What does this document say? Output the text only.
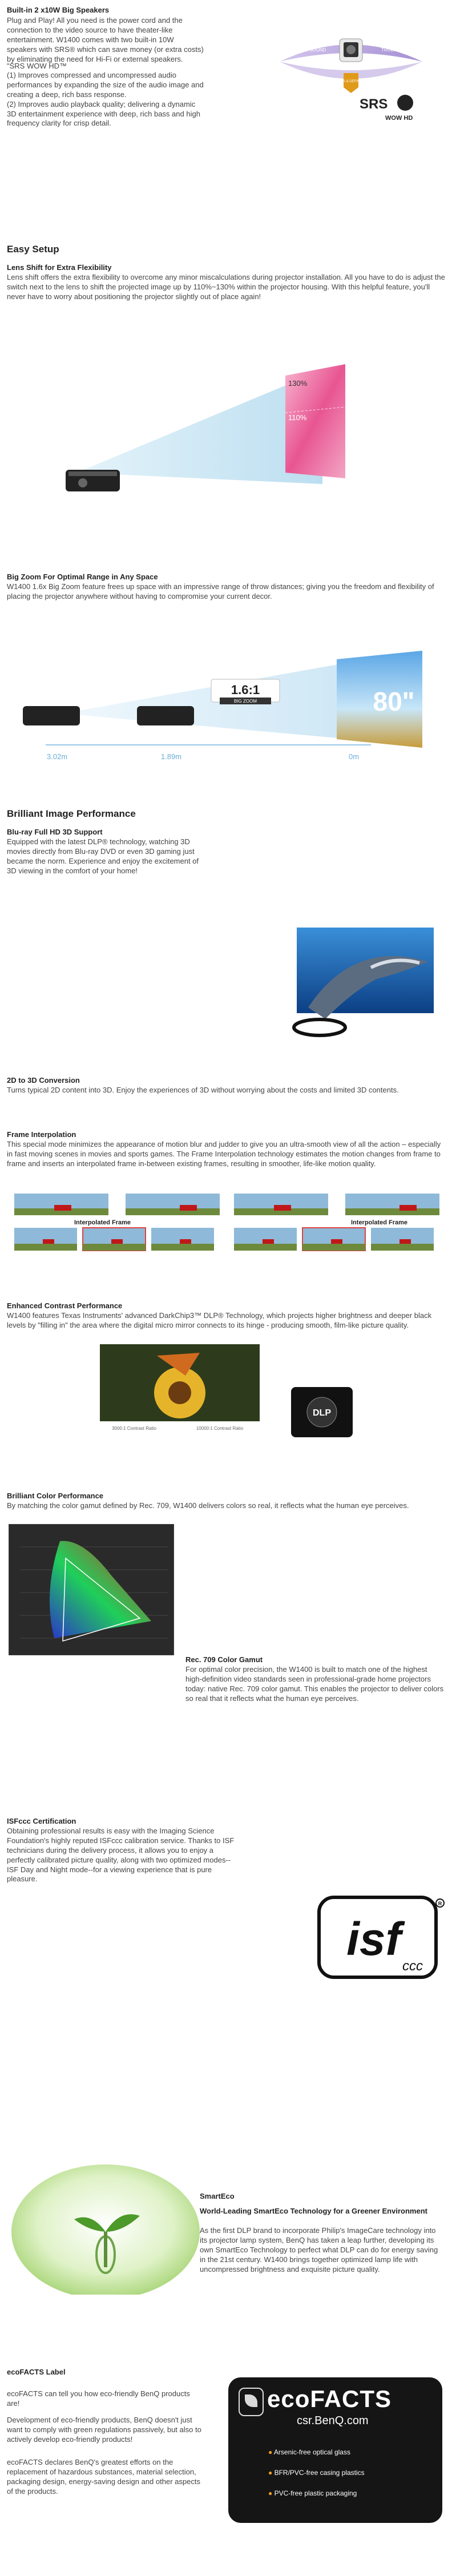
Built-in 2 x10W Big Speakers
Plug and Play! All you need is the power cord and the connection to the video source to have theater-like entertainment. W1400 comes with two built-in 10W speakers with SRS® which can save money (or extra costs) by eliminating the need for Hi-Fi or external speakers.
"SRS WOW HD™
(1) Improves compressed and uncompressed audio performances by expanding the size of the audio image and creating a deep, rich bass response.
(2) Improves audio playback quality; delivering a dynamic 3D entertainment experience with deep, rich bass and high frequency clarity for crisp detail.
3D SOUND	TRUBASS
FOCUS & DEFINITION
SRS
WOW HD
Easy Setup
Lens Shift for Extra Flexibility
Lens shift offers the extra flexibility to overcome any minor miscalculations during projector installation. All you have to do is adjust the switch next to the lens to shift the projected image up by 110%~130% within the projector housing. With this helpful feature, you'll never have to worry about positioning the projector slightly out of place again!
130%
110%
Big Zoom For Optimal Range in Any Space
W1400 1.6x Big Zoom feature frees up space with an impressive range of throw distances; giving you the freedom and flexibility of placing the projector anywhere without having to compromise your current decor.
1.6:1
BIG ZOOM	80"
3.02m	1.89m	0m
Brilliant Image Performance
Blu-ray Full HD 3D Support
Equipped with the latest DLP® technology, watching 3D movies directly from Blu-ray DVD or even 3D gaming just became the norm. Experience and enjoy the excitement of 3D viewing in the comfort of your home!
2D to 3D Conversion
Turns typical 2D content into 3D. Enjoy the experiences of 3D without worrying about the costs and limited 3D contents.
Frame Interpolation
This special mode minimizes the appearance of motion blur and judder to give you an ultra-smooth view of all the action – especially in fast moving scenes in movies and sports games. The Frame Interpolation technology estimates the motion changes from frame to frame and inserts an interpolated frame in-between existing frames, resulting in smoother, life-like motion quality.
Interpolated Frame	Interpolated Frame
Enhanced Contrast Performance
W1400 features Texas Instruments' advanced DarkChip3™ DLP® Technology, which projects higher brightness and deeper black levels by "filling in" the area where the digital micro mirror connects to its hinge - producing smooth, film-like picture quality.
3000:1 Contrast Ratio	10000:1 Contrast Ratio
DLP
Brilliant Color Performance
By matching the color gamut defined by Rec. 709, W1400 delivers colors so real, it reflects what the human eye perceives.
Rec. 709 Color Gamut
For optimal color precision, the W1400 is built to match one of the highest high-definition video standards seen in professional-grade home projectors today: native Rec. 709 color gamut. This enables the projector to deliver colors so real that it reflects what the human eye perceives.
ISFccc Certification
Obtaining professional results is easy with the Imaging Science Foundation's highly reputed ISFccc calibration service. Thanks to ISF technicians during the delivery process, it allows you to enjoy a perfectly calibrated picture quality, along with two optimized modes-- ISF Day and Night mode--for a viewing experience that is pure pleasure.
isf
ccc
R
SmartEco
World-Leading SmartEco Technology for a Greener Environment
As the first DLP brand to incorporate Philip's ImageCare technology into its projector lamp system, BenQ has taken a leap further, developing its own SmartEco Technology to perfect what DLP can do for energy saving in the 21st century. W1400 brings together optimized lamp life with uncompressed brightness and exquisite picture quality.
ecoFACTS Label
ecoFACTS can tell you how eco-friendly BenQ products are!
Development of eco-friendly products, BenQ doesn't just want to comply with green regulations passively, but also to actively develop eco-friendly products!
ecoFACTS declares BenQ's greatest efforts on the replacement of hazardous substances, material selection, packaging design, energy-saving design and other aspects of the products.
ecoFACTS
csr.BenQ.com
● Arsenic-free optical glass
● BFR/PVC-free casing plastics
● PVC-free plastic packaging
